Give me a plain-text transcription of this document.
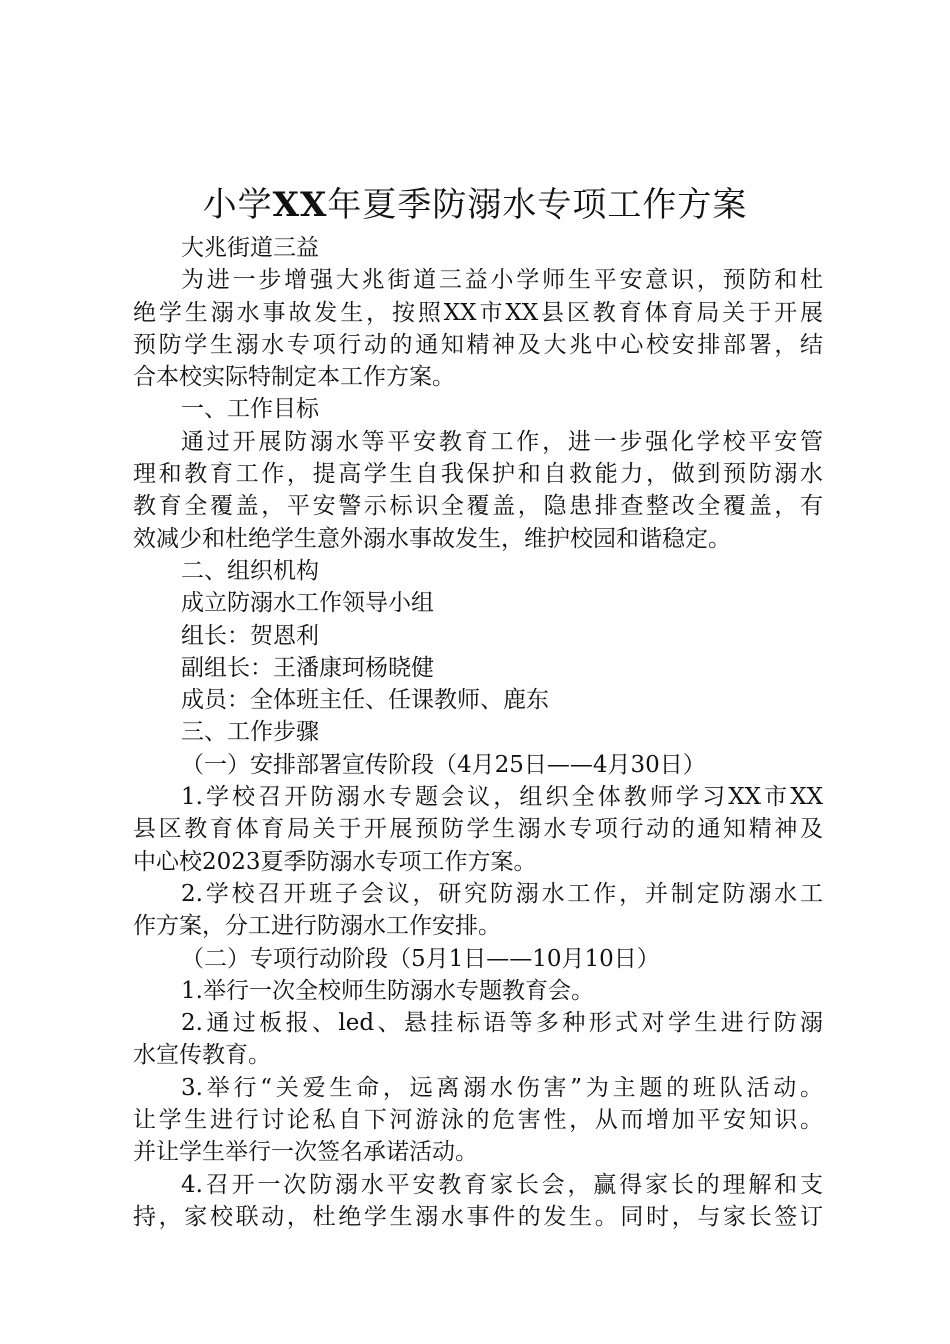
小学XX年夏季防溺水专项工作方案

大兆街道三益

为进一步增强大兆街道三益小学师生平安意识，预防和杜

绝学生溺水事故发生，按照XX市XX县区教育体育局关于开展

预防学生溺水专项行动的通知精神及大兆中心校安排部署，结

合本校实际特制定本工作方案。

一、工作目标

通过开展防溺水等平安教育工作，进一步强化学校平安管

理和教育工作，提高学生自我保护和自救能力，做到预防溺水

教育全覆盖，平安警示标识全覆盖，隐患排查整改全覆盖，有

效减少和杜绝学生意外溺水事故发生，维护校园和谐稳定。

二、组织机构

成立防溺水工作领导小组

组长：贺恩利

副组长：王潘康珂杨晓健

成员：全体班主任、任课教师、鹿东

三、工作步骤

（一）安排部署宣传阶段（4月25日——4月30日）

1.学校召开防溺水专题会议，组织全体教师学习XX市XX

县区教育体育局关于开展预防学生溺水专项行动的通知精神及

中心校2023夏季防溺水专项工作方案。

2.学校召开班子会议，研究防溺水工作，并制定防溺水工

作方案，分工进行防溺水工作安排。

（二）专项行动阶段（5月1日——10月10日）

1.举行一次全校师生防溺水专题教育会。

2.通过板报、led、悬挂标语等多种形式对学生进行防溺

水宣传教育。

3.举行“关爱生命，远离溺水伤害”为主题的班队活动。

让学生进行讨论私自下河游泳的危害性，从而增加平安知识。

并让学生举行一次签名承诺活动。

4.召开一次防溺水平安教育家长会，赢得家长的理解和支

持，家校联动，杜绝学生溺水事件的发生。同时，与家长签订
